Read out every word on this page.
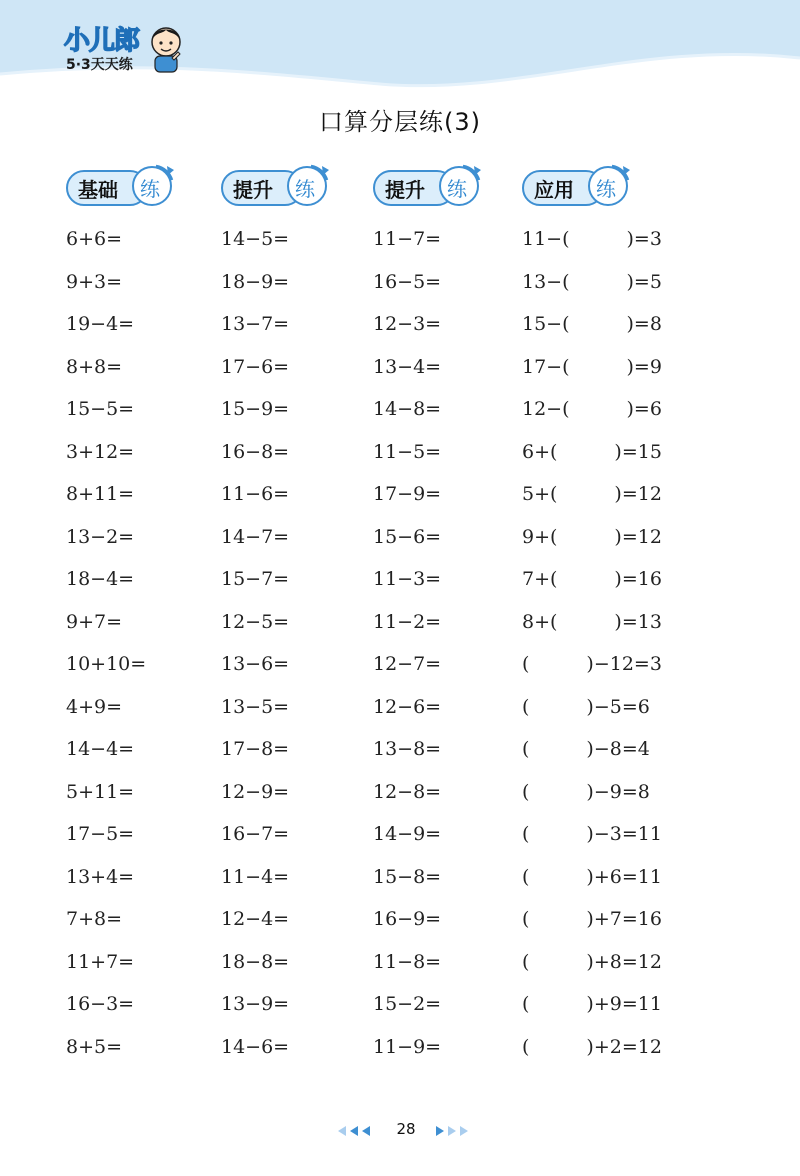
小儿郎
5·3天天练
口算分层练(3)
基础 练
6+6=
9+3=
19−4=
8+8=
15−5=
3+12=
8+11=
13−2=
18−4=
9+7=
10+10=
4+9=
14−4=
5+11=
17−5=
13+4=
7+8=
11+7=
16−3=
8+5=
提升 练
14−5=
18−9=
13−7=
17−6=
15−9=
16−8=
11−6=
14−7=
15−7=
12−5=
13−6=
13−5=
17−8=
12−9=
16−7=
11−4=
12−4=
18−8=
13−9=
14−6=
提升 练
11−7=
16−5=
12−3=
13−4=
14−8=
11−5=
17−9=
15−6=
11−3=
11−2=
12−7=
12−6=
13−8=
12−8=
14−9=
15−8=
16−9=
11−8=
15−2=
11−9=
应用 练
11−(　　　)=3
13−(　　　)=5
15−(　　　)=8
17−(　　　)=9
12−(　　　)=6
6+(　　　)=15
5+(　　　)=12
9+(　　　)=12
7+(　　　)=16
8+(　　　)=13
(　　　)−12=3
(　　　)−5=6
(　　　)−8=4
(　　　)−9=8
(　　　)−3=11
(　　　)+6=11
(　　　)+7=16
(　　　)+8=12
(　　　)+9=11
(　　　)+2=12
28
